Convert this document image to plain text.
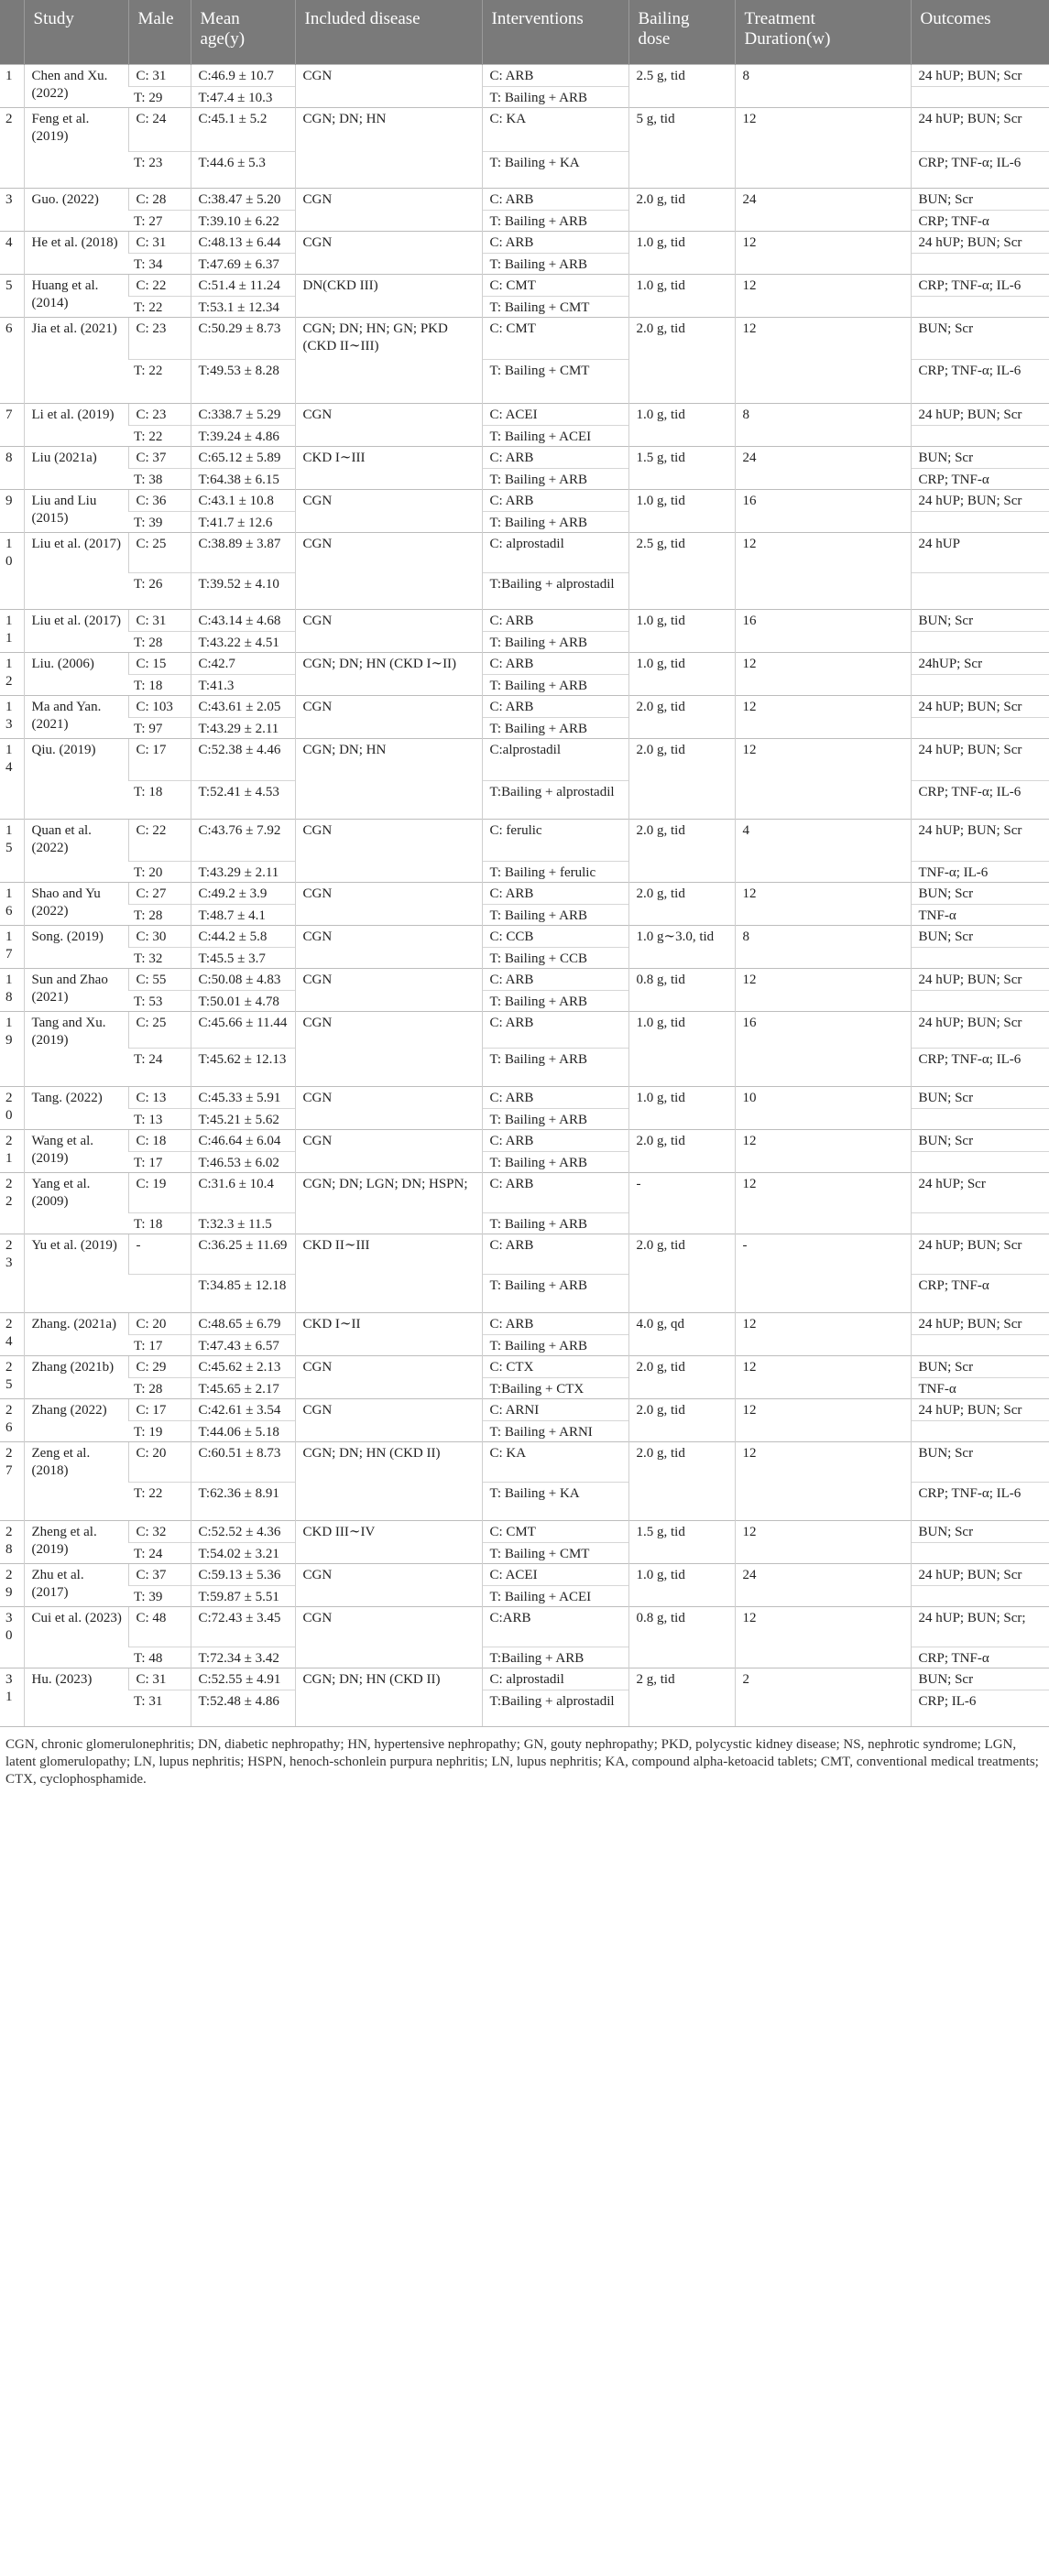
	Study	Male	Mean age(y)	Included disease	Interventions	Bailing dose	Treatment Duration(w)	Outcomes

1	Chen and Xu. (2022)	C: 31	C:46.9 ± 10.7	CGN	C: ARB	2.5 g, tid	8	24 hUP; BUN; Scr

		T: 29	T:47.4 ± 10.3		T: Bailing + ARB			

2	Feng et al. (2019)	C: 24	C:45.1 ± 5.2	CGN; DN; HN	C: KA	5 g, tid	12	24 hUP; BUN; Scr

		T: 23	T:44.6 ± 5.3		T: Bailing + KA			CRP; TNF-α; IL-6

3	Guo. (2022)	C: 28	C:38.47 ± 5.20	CGN	C: ARB	2.0 g, tid	24	BUN; Scr

		T: 27	T:39.10 ± 6.22		T: Bailing + ARB			CRP; TNF-α

4	He et al. (2018)	C: 31	C:48.13 ± 6.44	CGN	C: ARB	1.0 g, tid	12	24 hUP; BUN; Scr

		T: 34	T:47.69 ± 6.37		T: Bailing + ARB			

5	Huang et al. (2014)	C: 22	C:51.4 ± 11.24	DN(CKD III)	C: CMT	1.0 g, tid	12	CRP; TNF-α; IL-6

		T: 22	T:53.1 ± 12.34		T: Bailing + CMT			

6	Jia et al. (2021)	C: 23	C:50.29 ± 8.73	CGN; DN; HN; GN; PKD (CKD II∼III)	C: CMT	2.0 g, tid	12	BUN; Scr

		T: 22	T:49.53 ± 8.28		T: Bailing + CMT			CRP; TNF-α; IL-6

7	Li et al. (2019)	C: 23	C:338.7 ± 5.29	CGN	C: ACEI	1.0 g, tid	8	24 hUP; BUN; Scr

		T: 22	T:39.24 ± 4.86		T: Bailing + ACEI			

8	Liu (2021a)	C: 37	C:65.12 ± 5.89	CKD I∼III	C: ARB	1.5 g, tid	24	BUN; Scr

		T: 38	T:64.38 ± 6.15		T: Bailing + ARB			CRP; TNF-α

9	Liu and Liu (2015)	C: 36	C:43.1 ± 10.8	CGN	C: ARB	1.0 g, tid	16	24 hUP; BUN; Scr

		T: 39	T:41.7 ± 12.6		T: Bailing + ARB			

10	Liu et al. (2017)	C: 25	C:38.89 ± 3.87	CGN	C: alprostadil	2.5 g, tid	12	24 hUP

		T: 26	T:39.52 ± 4.10		T:Bailing + alprostadil			

11	Liu et al. (2017)	C: 31	C:43.14 ± 4.68	CGN	C: ARB	1.0 g, tid	16	BUN; Scr

		T: 28	T:43.22 ± 4.51		T: Bailing + ARB			

12	Liu. (2006)	C: 15	C:42.7	CGN; DN; HN (CKD I∼II)	C: ARB	1.0 g, tid	12	24hUP; Scr

		T: 18	T:41.3		T: Bailing + ARB			

13	Ma and Yan. (2021)	C: 103	C:43.61 ± 2.05	CGN	C: ARB	2.0 g, tid	12	24 hUP; BUN; Scr

		T: 97	T:43.29 ± 2.11		T: Bailing + ARB			

14	Qiu. (2019)	C: 17	C:52.38 ± 4.46	CGN; DN; HN	C:alprostadil	2.0 g, tid	12	24 hUP; BUN; Scr

		T: 18	T:52.41 ± 4.53		T:Bailing + alprostadil			CRP; TNF-α; IL-6

15	Quan et al. (2022)	C: 22	C:43.76 ± 7.92	CGN	C: ferulic	2.0 g, tid	4	24 hUP; BUN; Scr

		T: 20	T:43.29 ± 2.11		T: Bailing + ferulic			TNF-α; IL-6

16	Shao and Yu (2022)	C: 27	C:49.2 ± 3.9	CGN	C: ARB	2.0 g, tid	12	BUN; Scr

		T: 28	T:48.7 ± 4.1		T: Bailing + ARB			TNF-α

17	Song. (2019)	C: 30	C:44.2 ± 5.8	CGN	C: CCB	1.0 g∼3.0, tid	8	BUN; Scr

		T: 32	T:45.5 ± 3.7		T: Bailing + CCB			

18	Sun and Zhao (2021)	C: 55	C:50.08 ± 4.83	CGN	C: ARB	0.8 g, tid	12	24 hUP; BUN; Scr

		T: 53	T:50.01 ± 4.78		T: Bailing + ARB			

19	Tang and Xu. (2019)	C: 25	C:45.66 ± 11.44	CGN	C: ARB	1.0 g, tid	16	24 hUP; BUN; Scr

		T: 24	T:45.62 ± 12.13		T: Bailing + ARB			CRP; TNF-α; IL-6

20	Tang. (2022)	C: 13	C:45.33 ± 5.91	CGN	C: ARB	1.0 g, tid	10	BUN; Scr

		T: 13	T:45.21 ± 5.62		T: Bailing + ARB			

21	Wang et al. (2019)	C: 18	C:46.64 ± 6.04	CGN	C: ARB	2.0 g, tid	12	BUN; Scr

		T: 17	T:46.53 ± 6.02		T: Bailing + ARB			

22	Yang et al. (2009)	C: 19	C:31.6 ± 10.4	CGN; DN; LGN; DN; HSPN;	C: ARB	-	12	24 hUP; Scr

		T: 18	T:32.3 ± 11.5		T: Bailing + ARB			

23	Yu et al. (2019)	-	C:36.25 ± 11.69	CKD II∼III	C: ARB	2.0 g, tid	-	24 hUP; BUN; Scr

			T:34.85 ± 12.18		T: Bailing + ARB			CRP; TNF-α

24	Zhang. (2021a)	C: 20	C:48.65 ± 6.79	CKD I∼II	C: ARB	4.0 g, qd	12	24 hUP; BUN; Scr

		T: 17	T:47.43 ± 6.57		T: Bailing + ARB			

25	Zhang (2021b)	C: 29	C:45.62 ± 2.13	CGN	C: CTX	2.0 g, tid	12	BUN; Scr

		T: 28	T:45.65 ± 2.17		T:Bailing + CTX			TNF-α

26	Zhang (2022)	C: 17	C:42.61 ± 3.54	CGN	C: ARNI	2.0 g, tid	12	24 hUP; BUN; Scr

		T: 19	T:44.06 ± 5.18		T: Bailing + ARNI			

27	Zeng et al. (2018)	C: 20	C:60.51 ± 8.73	CGN; DN; HN (CKD II)	C: KA	2.0 g, tid	12	BUN; Scr

		T: 22	T:62.36 ± 8.91		T: Bailing + KA			CRP; TNF-α; IL-6

28	Zheng et al. (2019)	C: 32	C:52.52 ± 4.36	CKD III∼IV	C: CMT	1.5 g, tid	12	BUN; Scr

		T: 24	T:54.02 ± 3.21		T: Bailing + CMT			

29	Zhu et al. (2017)	C: 37	C:59.13 ± 5.36	CGN	C: ACEI	1.0 g, tid	24	24 hUP; BUN; Scr

		T: 39	T:59.87 ± 5.51		T: Bailing + ACEI			

30	Cui et al. (2023)	C: 48	C:72.43 ± 3.45	CGN	C:ARB	0.8 g, tid	12	24 hUP; BUN; Scr;

		T: 48	T:72.34 ± 3.42		T:Bailing + ARB			CRP; TNF-α

31	Hu. (2023)	C: 31	C:52.55 ± 4.91	CGN; DN; HN (CKD II)	C: alprostadil	2 g, tid	2	BUN; Scr

		T: 31	T:52.48 ± 4.86		T:Bailing + alprostadil			CRP; IL-6
CGN, chronic glomerulonephritis; DN, diabetic nephropathy; HN, hypertensive nephropathy; GN, gouty nephropathy; PKD, polycystic kidney disease; NS, nephrotic syndrome; LGN, latent glomerulopathy; LN, lupus nephritis; HSPN, henoch-schonlein purpura nephritis; LN, lupus nephritis; KA, compound alpha-ketoacid tablets; CMT, conventional medical treatments; CTX, cyclophosphamide.
